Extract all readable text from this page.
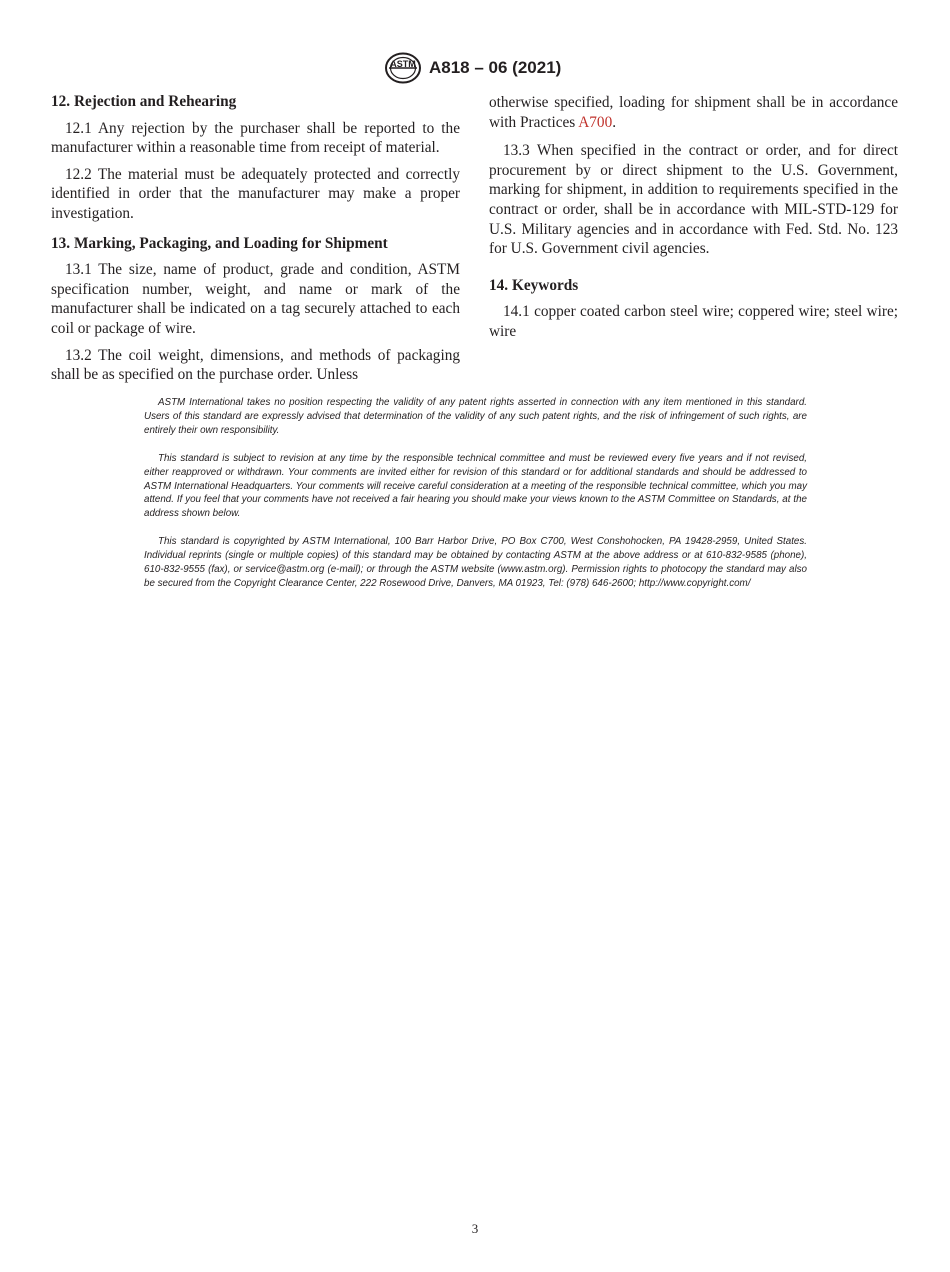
ASTM A818 – 06 (2021)
12. Rejection and Rehearing

12.1 Any rejection by the purchaser shall be reported to the manufacturer within a reasonable time from receipt of material.

12.2 The material must be adequately protected and correctly identified in order that the manufacturer may make a proper investigation.

13. Marking, Packaging, and Loading for Shipment

13.1 The size, name of product, grade and condition, ASTM specification number, weight, and name or mark of the manufacturer shall be indicated on a tag securely attached to each coil or package of wire.

13.2 The coil weight, dimensions, and methods of packaging shall be as specified on the purchase order. Unless

otherwise specified, loading for shipment shall be in accordance with Practices A700.

13.3 When specified in the contract or order, and for direct procurement by or direct shipment to the U.S. Government, marking for shipment, in addition to requirements specified in the contract or order, shall be in accordance with MIL-STD-129 for U.S. Military agencies and in accordance with Fed. Std. No. 123 for U.S. Government civil agencies.

14. Keywords

14.1 copper coated carbon steel wire; coppered wire; steel wire; wire

ASTM International takes no position respecting the validity of any patent rights asserted in connection with any item mentioned in this standard. Users of this standard are expressly advised that determination of the validity of any such patent rights, and the risk of infringement of such rights, are entirely their own responsibility.

This standard is subject to revision at any time by the responsible technical committee and must be reviewed every five years and if not revised, either reapproved or withdrawn. Your comments are invited either for revision of this standard or for additional standards and should be addressed to ASTM International Headquarters. Your comments will receive careful consideration at a meeting of the responsible technical committee, which you may attend. If you feel that your comments have not received a fair hearing you should make your views known to the ASTM Committee on Standards, at the address shown below.

This standard is copyrighted by ASTM International, 100 Barr Harbor Drive, PO Box C700, West Conshohocken, PA 19428-2959, United States. Individual reprints (single or multiple copies) of this standard may be obtained by contacting ASTM at the above address or at 610-832-9585 (phone), 610-832-9555 (fax), or service@astm.org (e-mail); or through the ASTM website (www.astm.org). Permission rights to photocopy the standard may also be secured from the Copyright Clearance Center, 222 Rosewood Drive, Danvers, MA 01923, Tel: (978) 646-2600; http://www.copyright.com/

3
